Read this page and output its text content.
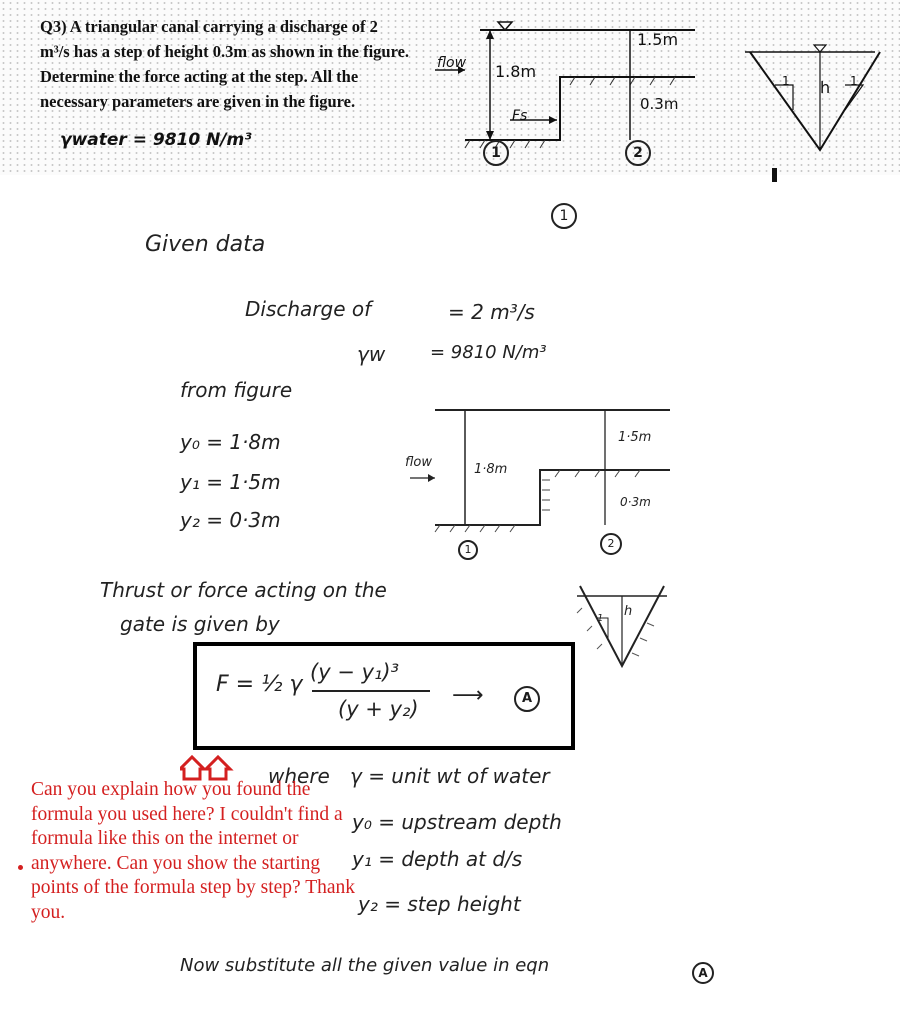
Q3) A triangular canal carrying a discharge of 2 m³/s has a step of height 0.3m as shown in the figure. Determine the force acting at the step. All the necessary parameters are given in the figure.
γwater = 9810 N/m³
flow 1.8m
1.5m
0.3m
Fs
1	2
h
1	1
1
Given data
Discharge of	= 2 m³/s
γw = 9810 N/m³
from figure
y₀ = 1·8m
y₁ = 1·5m
y₂ = 0·3m
flow	1·8m
1·5m
0·3m
1	2
Thrust or force acting on the
gate is given by
h
1
F = ½ γ (y − y₁)³
(y + y₂)
⟶	A
where γ = unit wt of water
y₀ = upstream depth
y₁ = depth at d/s
y₂ = step height
Now substitute all the given value in eqn	A
Can you explain how you found the formula you used here? I couldn't find a formula like this on the internet or anywhere. Can you show the starting points of the formula step by step? Thank you.
